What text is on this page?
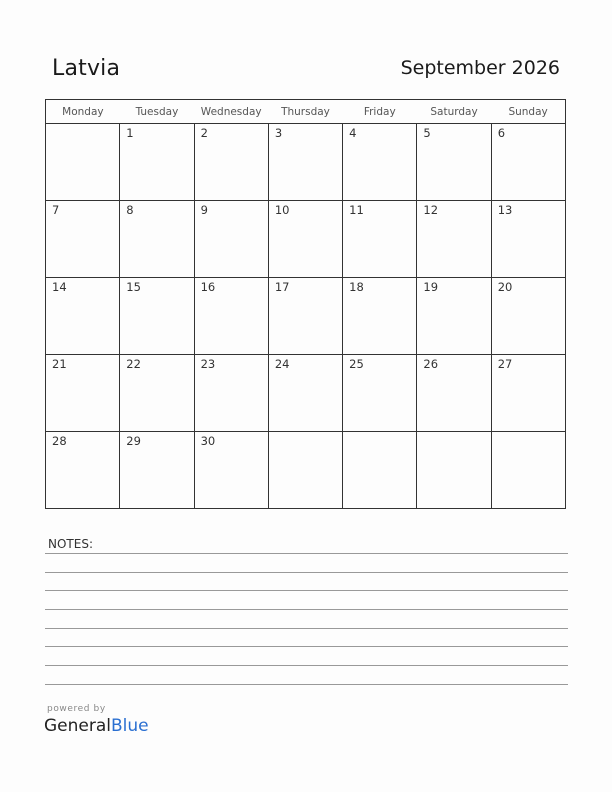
Latvia	September 2026
Monday	Tuesday	Wednesday	Thursday	Friday	Saturday	Sunday

	1	2	3	4	5	6

7	8	9	10	11	12	13

14	15	16	17	18	19	20

21	22	23	24	25	26	27

28	29	30				

NOTES:
powered by
GeneralBlue
